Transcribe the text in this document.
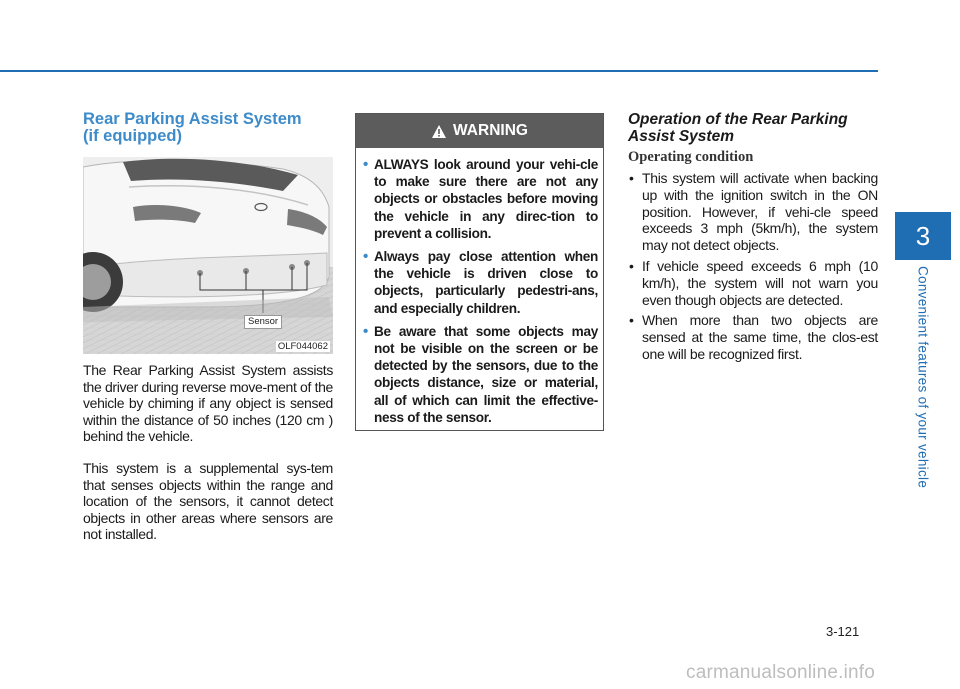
3
Convenient features of your vehicle
Rear Parking Assist System
(if equipped)
Sensor
OLF044062

The Rear Parking Assist System assists the driver during reverse move-ment of the vehicle by chiming if any object is sensed within the distance of 50 inches (120 cm ) behind the vehicle.

This system is a supplemental sys-tem that senses objects within the range and location of the sensors, it cannot detect objects in other areas where sensors are not installed.

WARNING
• ALWAYS look around your vehi-cle to make sure there are not any objects or obstacles before moving the vehicle in any direc-tion to prevent a collision.
• Always pay close attention when the vehicle is driven close to objects, particularly pedestri-ans, and especially children.
• Be aware that some objects may not be visible on the screen or be detected by the sensors, due to the objects distance, size or material, all of which can limit the effective-ness of the sensor.
Operation of the Rear Parking
Assist System
Operating condition
• This system will activate when backing up with the ignition switch in the ON position. However, if vehi-cle speed exceeds 3 mph (5km/h), the system may not detect objects.
• If vehicle speed exceeds 6 mph (10 km/h), the system will not warn you even though objects are detected.
• When more than two objects are sensed at the same time, the clos-est one will be recognized first.
3-121
carmanualsonline.info
